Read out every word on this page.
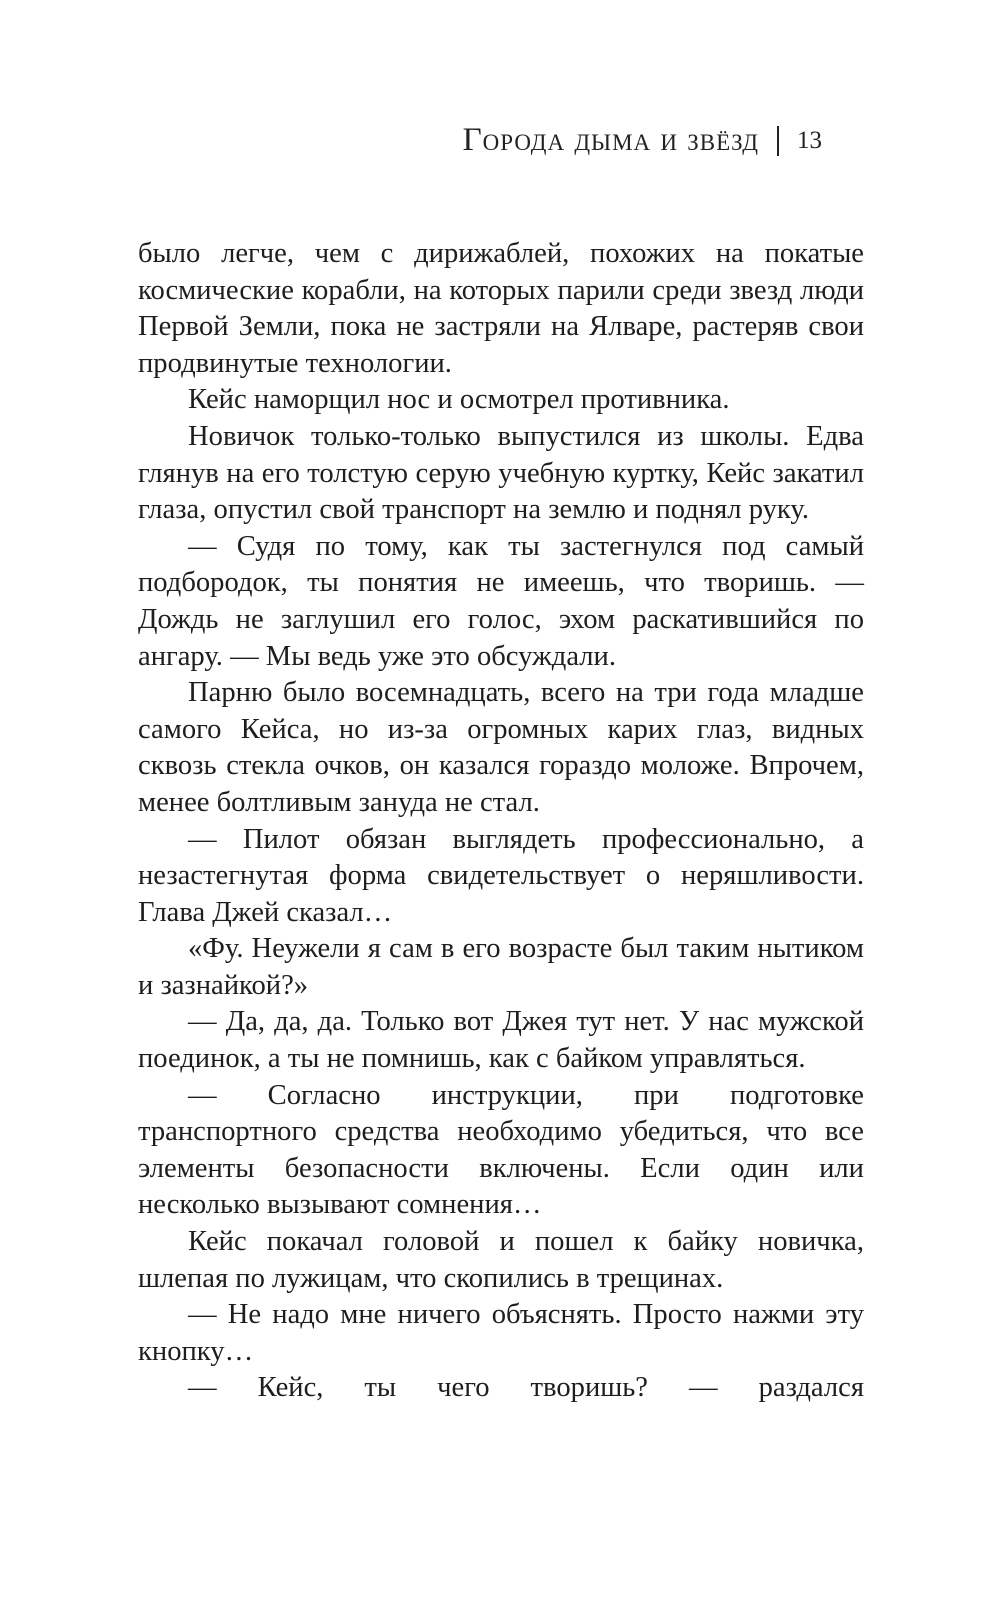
Города дыма и звёзд 13

было легче, чем с дирижаблей, похожих на покатые космические корабли, на которых парили среди звезд люди Первой Земли, пока не застряли на Ялваре, растеряв свои продвинутые технологии.

Кейс наморщил нос и осмотрел противника.

Новичок только-только выпустился из школы. Едва глянув на его толстую серую учебную куртку, Кейс закатил глаза, опустил свой транспорт на землю и поднял руку.

— Судя по тому, как ты застегнулся под самый подбородок, ты понятия не имеешь, что творишь. — Дождь не заглушил его голос, эхом раскатившийся по ангару. — Мы ведь уже это обсуждали.

Парню было восемнадцать, всего на три года младше самого Кейса, но из-за огромных карих глаз, видных сквозь стекла очков, он казался гораздо моложе. Впрочем, менее болтливым зануда не стал.

— Пилот обязан выглядеть профессионально, а незастегнутая форма свидетельствует о неряшливости. Глава Джей сказал…

«Фу. Неужели я сам в его возрасте был таким нытиком и зазнайкой?»

— Да, да, да. Только вот Джея тут нет. У нас мужской поединок, а ты не помнишь, как с байком управляться.

— Согласно инструкции, при подготовке транспортного средства необходимо убедиться, что все элементы безопасности включены. Если один или несколько вызывают сомнения…

Кейс покачал головой и пошел к байку новичка, шлепая по лужицам, что скопились в трещинах.

— Не надо мне ничего объяснять. Просто нажми эту кнопку…

— Кейс, ты чего творишь? — раздался
